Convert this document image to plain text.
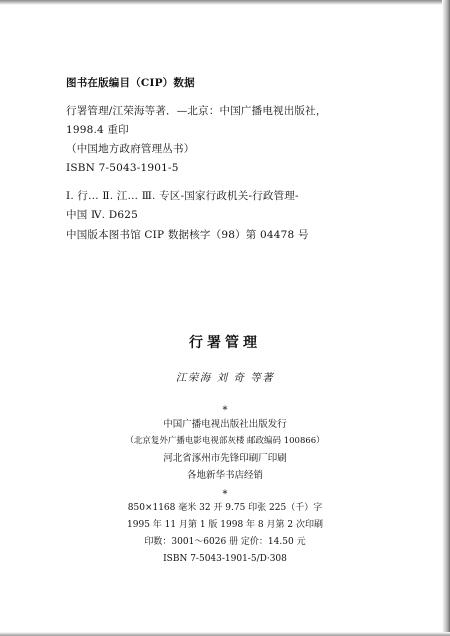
图书在版编目（CIP）数据
行署管理/江荣海等著．—北京：中国广播电视出版社，
1998.4 重印
（中国地方政府管理丛书）
ISBN 7-5043-1901-5
Ⅰ. 行… Ⅱ. 江… Ⅲ. 专区-国家行政机关-行政管理-
中国 Ⅳ. D625
中国版本图书馆 CIP 数据核字（98）第 04478 号
行署管理
江荣海 刘 奇 等著
*
中国广播电视出版社出版发行
（北京复外广播电影电视部灰楼 邮政编码 100866）
河北省涿州市先锋印刷厂印刷
各地新华书店经销
*
850×1168 毫米 32 开 9.75 印张 225（千）字
1995 年 11 月第 1 版 1998 年 8 月第 2 次印刷
印数：3001～6026 册 定价：14.50 元
ISBN 7-5043-1901-5/D·308
